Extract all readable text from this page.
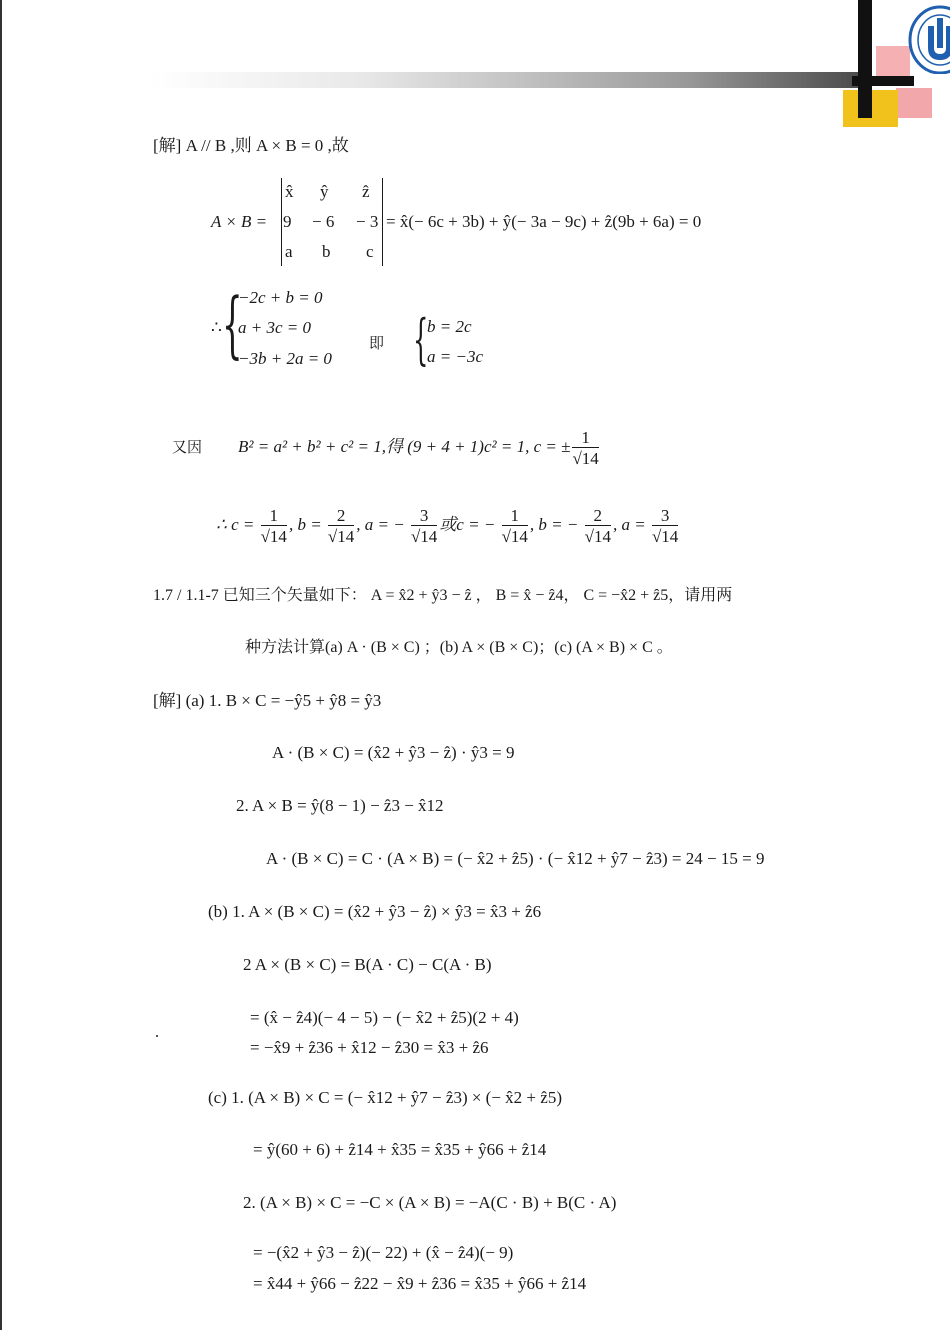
[解] A // B ,则 A × B = 0 ,故
A × B =
x̂ ŷ ẑ
9 − 6 − 3
a b c
= x̂(− 6c + 3b) + ŷ(− 3a − 9c) + ẑ(9b + 6a) = 0
∴ {
−2c + b = 0
a + 3c = 0
−3b + 2a = 0
即 {
b = 2c
a = −3c
又因 B² = a² + b² + c² = 1,得 (9 + 4 + 1)c² = 1, c = ± $\frac{1}{√14}$
∴ $c = \frac{1}{√14}$ , $b = \frac{2}{√14}$ , a = − $\frac{3}{√14}$ 或c = − $\frac{1}{√14}$ , b = − $\frac{2}{√14}$ , $a = \frac{3}{√14}$
1.7 / 1.1-7 已知三个矢量如下： A = x̂2 + ŷ3 − ẑ ， B = x̂ − ẑ4， C = −x̂2 + ẑ5，请用两
种方法计算(a) A · (B × C) ；(b) A × (B × C)；(c) (A × B) × C 。
[解] (a) 1. B × C = −ŷ5 + ŷ8 = ŷ3
A · (B × C) = (x̂2 + ŷ3 − ẑ) · ŷ3 = 9
2. A × B = ŷ(8 − 1) − ẑ3 − x̂12
A · (B × C) = C · (A × B) = (− x̂2 + ẑ5) · (− x̂12 + ŷ7 − ẑ3) = 24 − 15 = 9
(b) 1. A × (B × C) = (x̂2 + ŷ3 − ẑ) × ŷ3 = x̂3 + ẑ6
2 A × (B × C) = B(A · C) − C(A · B)
= (x̂ − ẑ4)(− 4 − 5) − (− x̂2 + ẑ5)(2 + 4)
= −x̂9 + ẑ36 + x̂12 − ẑ30 = x̂3 + ẑ6
(c) 1. (A × B) × C = (− x̂12 + ŷ7 − ẑ3) × (− x̂2 + ẑ5)
= ŷ(60 + 6) + ẑ14 + x̂35 = x̂35 + ŷ66 + ẑ14
2. (A × B) × C = −C × (A × B) = −A(C · B) + B(C · A)
= −(x̂2 + ŷ3 − ẑ)(− 22) + (x̂ − ẑ4)(− 9)
= x̂44 + ŷ66 − ẑ22 − x̂9 + ẑ36 = x̂35 + ŷ66 + ẑ14
